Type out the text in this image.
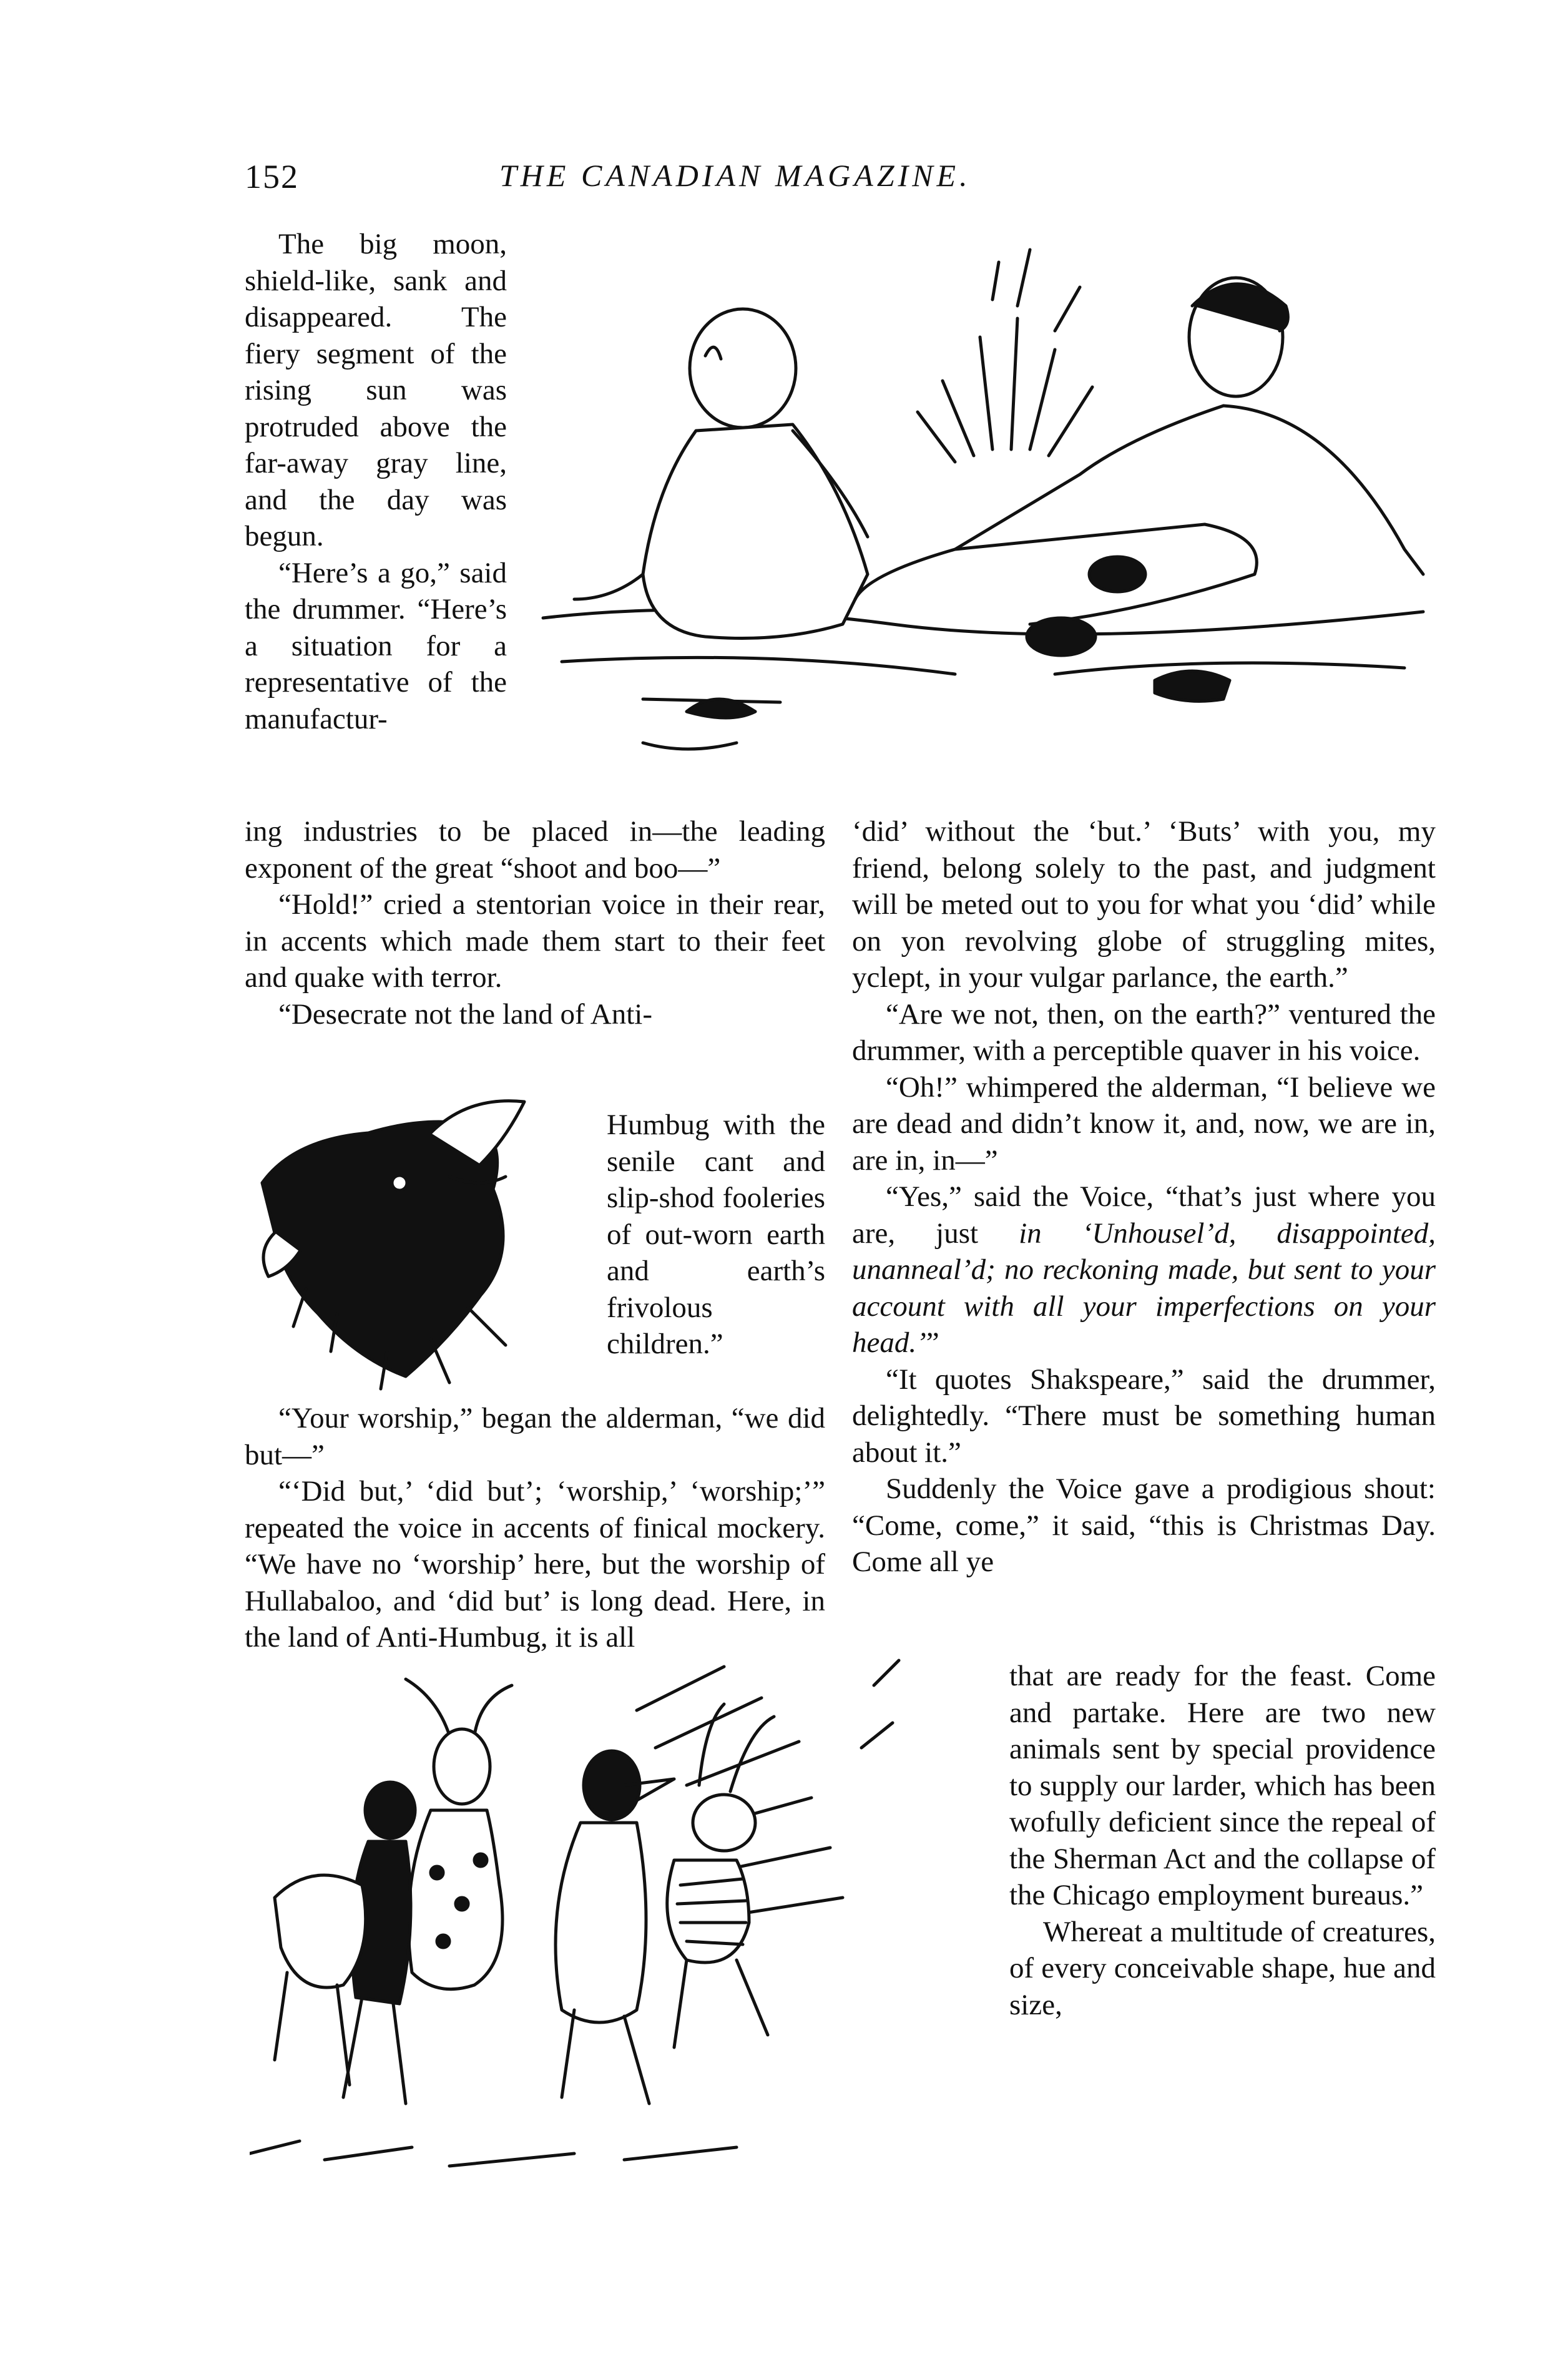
152	THE CANADIAN MAGAZINE.

The big moon, shield-like, sank and disappeared. The fiery segment of the rising sun was protruded above the far-away gray line, and the day was begun.

“Here’s a go,” said the drummer. “Here’s a situation for a representative of the manufactur-

ing industries to be placed in—the leading exponent of the great “shoot and boo—”

“Hold!” cried a stentorian voice in their rear, in accents which made them start to their feet and quake with terror.

“Desecrate not the land of Anti-

Humbug with the senile cant and slip-shod fooleries of out-worn earth and earth’s frivolous children.”

“Your worship,” began the alderman, “we did but—”

“‘Did but,’ ‘did but’; ‘worship,’ ‘worship;’” repeated the voice in accents of finical mockery. “We have no ‘worship’ here, but the worship of Hullabaloo, and ‘did but’ is long dead. Here, in the land of Anti-Humbug, it is all

‘did’ without the ‘but.’ ‘Buts’ with you, my friend, belong solely to the past, and judgment will be meted out to you for what you ‘did’ while on yon revolving globe of struggling mites, yclept, in your vulgar parlance, the earth.”

“Are we not, then, on the earth?” ventured the drummer, with a perceptible quaver in his voice.

“Oh!” whimpered the alderman, “I believe we are dead and didn’t know it, and, now, we are in, are in, in—”

“Yes,” said the Voice, “that’s just where you are, just in ‘Unhousel’d, disappointed, unanneal’d; no reckoning made, but sent to your account with all your imperfections on your head.’”

“It quotes Shakspeare,” said the drummer, delightedly. “There must be something human about it.”

Suddenly the Voice gave a prodigious shout: “Come, come,” it said, “this is Christmas Day. Come all ye

that are ready for the feast. Come and partake. Here are two new animals sent by special providence to supply our larder, which has been wofully deficient since the repeal of the Sherman Act and the collapse of the Chicago employment bureaus.”

Whereat a multitude of creatures, of every conceivable shape, hue and size,
